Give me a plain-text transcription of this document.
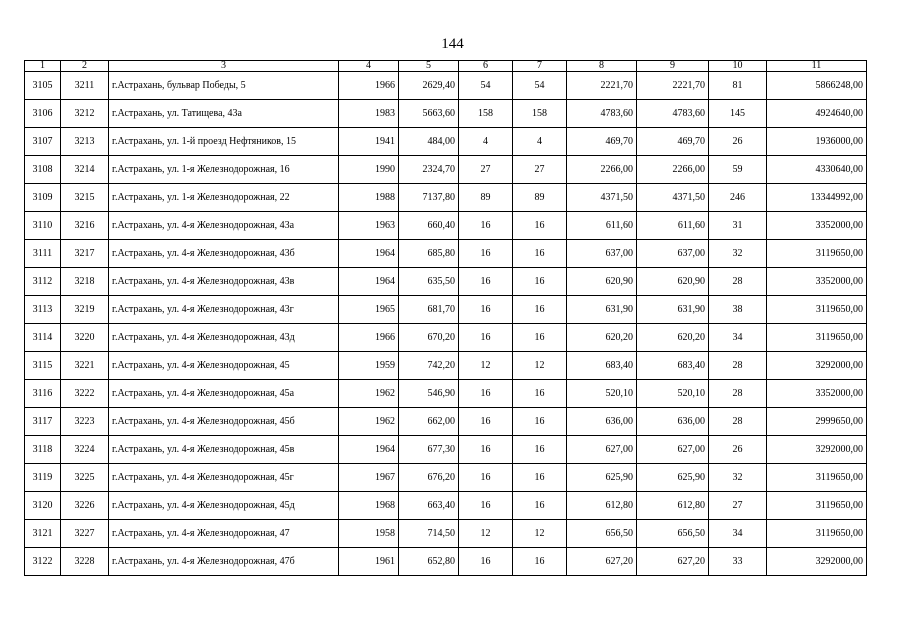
144
1	2	3	4	5	6	7	8	9	10	11
3105	3211	г.Астрахань, бульвар Победы, 5	1966	2629,40	54	54	2221,70	2221,70	81	5866248,00
3106	3212	г.Астрахань, ул. Татищева, 43а	1983	5663,60	158	158	4783,60	4783,60	145	4924640,00
3107	3213	г.Астрахань, ул. 1-й проезд Нефтяников, 15	1941	484,00	4	4	469,70	469,70	26	1936000,00
3108	3214	г.Астрахань, ул. 1-я Железнодорожная, 16	1990	2324,70	27	27	2266,00	2266,00	59	4330640,00
3109	3215	г.Астрахань, ул. 1-я Железнодорожная, 22	1988	7137,80	89	89	4371,50	4371,50	246	13344992,00
3110	3216	г.Астрахань, ул. 4-я Железнодорожная, 43а	1963	660,40	16	16	611,60	611,60	31	3352000,00
3111	3217	г.Астрахань, ул. 4-я Железнодорожная, 43б	1964	685,80	16	16	637,00	637,00	32	3119650,00
3112	3218	г.Астрахань, ул. 4-я Железнодорожная, 43в	1964	635,50	16	16	620,90	620,90	28	3352000,00
3113	3219	г.Астрахань, ул. 4-я Железнодорожная, 43г	1965	681,70	16	16	631,90	631,90	38	3119650,00
3114	3220	г.Астрахань, ул. 4-я Железнодорожная, 43д	1966	670,20	16	16	620,20	620,20	34	3119650,00
3115	3221	г.Астрахань, ул. 4-я Железнодорожная, 45	1959	742,20	12	12	683,40	683,40	28	3292000,00
3116	3222	г.Астрахань, ул. 4-я Железнодорожная, 45а	1962	546,90	16	16	520,10	520,10	28	3352000,00
3117	3223	г.Астрахань, ул. 4-я Железнодорожная, 45б	1962	662,00	16	16	636,00	636,00	28	2999650,00
3118	3224	г.Астрахань, ул. 4-я Железнодорожная, 45в	1964	677,30	16	16	627,00	627,00	26	3292000,00
3119	3225	г.Астрахань, ул. 4-я Железнодорожная, 45г	1967	676,20	16	16	625,90	625,90	32	3119650,00
3120	3226	г.Астрахань, ул. 4-я Железнодорожная, 45д	1968	663,40	16	16	612,80	612,80	27	3119650,00
3121	3227	г.Астрахань, ул. 4-я Железнодорожная, 47	1958	714,50	12	12	656,50	656,50	34	3119650,00
3122	3228	г.Астрахань, ул. 4-я Железнодорожная, 47б	1961	652,80	16	16	627,20	627,20	33	3292000,00
